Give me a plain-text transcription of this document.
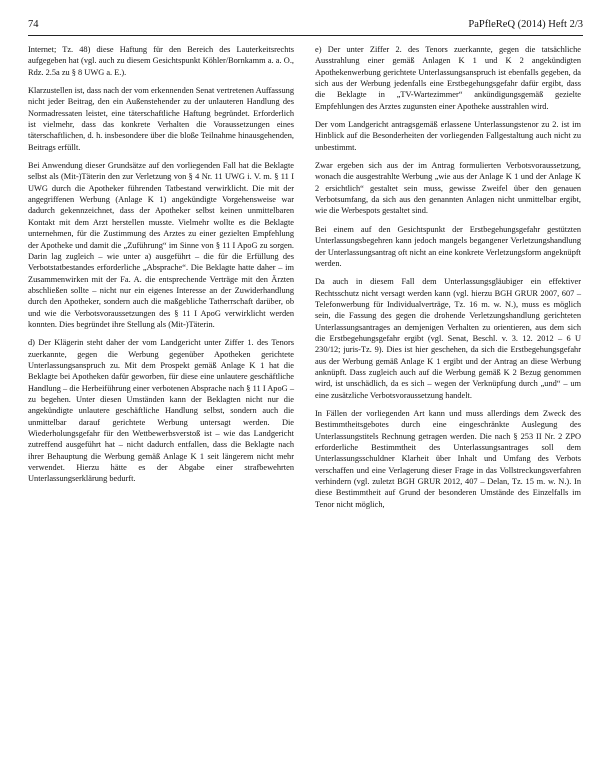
74	PaPfleReQ (2014) Heft 2/3

Internet; Tz. 48) diese Haftung für den Bereich des Lauterkeitsrechts aufgegeben hat (vgl. auch zu diesem Gesichtspunkt Köhler/Bornkamm a. a. O., Rdz. 2.5a zu § 8 UWG a. E.).

Klarzustellen ist, dass nach der vom erkennenden Senat vertretenen Auffassung nicht jeder Beitrag, den ein Außenstehender zu der unlauteren Handlung des Normadressaten leistet, eine täterschaftliche Haftung begründet. Erforderlich ist vielmehr, dass das konkrete Verhalten die Voraussetzungen eines täterschaftlichen, d. h. insbesondere über die bloße Teilnahme hinausgehenden, Beitrags erfüllt.

Bei Anwendung dieser Grundsätze auf den vorliegenden Fall hat die Beklagte selbst als (Mit-)Täterin den zur Verletzung von § 4 Nr. 11 UWG i. V. m. § 11 I UWG durch die Apotheker führenden Tatbestand verwirklicht. Die mit der angegriffenen Werbung (Anlage K 1) angekündigte Vorgehensweise war dadurch gekennzeichnet, dass der Apotheker selbst keinen unmittelbaren Kontakt mit dem Arzt herstellen musste. Vielmehr wollte es die Beklagte unternehmen, für die Zustimmung des Arztes zu einer gezielten Empfehlung der Apotheke und damit die „Zuführung“ im Sinne von § 11 I ApoG zu sorgen. Darin lag zugleich – wie unter a) ausgeführt – die für die Erfüllung des Verbotstatbestandes erforderliche „Absprache“. Die Beklagte hatte daher – im Zusammenwirken mit der Fa. A. die entsprechende Verträge mit den Ärzten abschließen sollte – nicht nur ein eigenes Interesse an der Zuwiderhandlung durch den Apotheker, sondern auch die maßgebliche Tatherrschaft darüber, ob und wie die Verbotsvoraussetzungen des § 11 I ApoG verwirklicht werden konnten. Dies begründet ihre Stellung als (Mit-)Täterin.

d) Der Klägerin steht daher der vom Landgericht unter Ziffer 1. des Tenors zuerkannte, gegen die Werbung gegenüber Apotheken gerichtete Unterlassungsanspruch zu. Mit dem Prospekt gemäß Anlage K 1 hat die Beklagte bei Apotheken dafür geworben, für diese eine unlautere geschäftliche Handlung – die Herbeiführung einer verbotenen Absprache nach § 11 I ApoG – zu begehen. Unter diesen Umständen kann der Beklagten nicht nur die angekündigte unlautere geschäftliche Handlung selbst, sondern auch die unmittelbar darauf gerichtete Werbung untersagt werden. Die Wiederholungsgefahr für den Wettbewerbsverstoß ist – wie das Landgericht zutreffend ausgeführt hat – nicht dadurch entfallen, dass die Beklagte nach ihrer Behauptung die Werbung gemäß Anlage K 1 seit längerem nicht mehr verwendet. Hierzu hätte es der Abgabe einer strafbewehrten Unterlassungserklärung bedurft.

e) Der unter Ziffer 2. des Tenors zuerkannte, gegen die tatsächliche Ausstrahlung einer gemäß Anlagen K 1 und K 2 angekündigten Apothekenwerbung gerichtete Unterlassungsanspruch ist ebenfalls gegeben, da sich aus der Werbung jedenfalls eine Erstbegehungsgefahr dafür ergibt, dass die Beklagte in „TV-Wartezimmer“ ankündigungsgemäß gezielte Empfehlungen des Arztes zugunsten einer Apotheke ausstrahlen wird.

Der vom Landgericht antragsgemäß erlassene Unterlassungstenor zu 2. ist im Hinblick auf die Besonderheiten der vorliegenden Fallgestaltung auch nicht zu unbestimmt.

Zwar ergeben sich aus der im Antrag formulierten Verbotsvoraussetzung, wonach die ausgestrahlte Werbung „wie aus der Anlage K 1 und der Anlage K 2 ersichtlich“ gestaltet sein muss, gewisse Zweifel über den genauen Verbotsumfang, da sich aus den genannten Anlagen nicht unmittelbar ergibt, wie die Werbespots gestaltet sind.

Bei einem auf den Gesichtspunkt der Erstbegehungsgefahr gestützten Unterlassungsbegehren kann jedoch mangels begangener Verletzungshandlung der Unterlassungsantrag oft nicht an eine konkrete Verletzungsform angeknüpft werden.

Da auch in diesem Fall dem Unterlassungsgläubiger ein effektiver Rechtsschutz nicht versagt werden kann (vgl. hierzu BGH GRUR 2007, 607 – Telefonwerbung für Individualverträge, Tz. 16 m. w. N.), muss es möglich sein, die Fassung des gegen die drohende Verletzungshandlung gerichteten Unterlassungsantrages an demjenigen Verhalten zu orientieren, aus dem sich die Erstbegehungsgefahr ergibt (vgl. Senat, Beschl. v. 3. 12. 2012 – 6 U 230/12; juris-Tz. 9). Dies ist hier geschehen, da sich die Erstbegehungsgefahr aus der Werbung gemäß Anlage K 1 ergibt und der Antrag an diese Werbung anknüpft. Dass zugleich auch auf die Werbung gemäß K 2 Bezug genommen wird, ist unschädlich, da es sich – wegen der Verknüpfung durch „und“ – um eine zusätzliche Verbotsvoraussetzung handelt.

In Fällen der vorliegenden Art kann und muss allerdings dem Zweck des Bestimmtheitsgebotes durch eine eingeschränkte Auslegung des Unterlassungstitels Rechnung getragen werden. Die nach § 253 II Nr. 2 ZPO erforderliche Bestimmtheit des Unterlassungsantrages soll dem Unterlassungsschuldner Klarheit über Inhalt und Umfang des Verbots verschaffen und eine Verlagerung dieser Frage in das Vollstreckungsverfahren verhindern (vgl. zuletzt BGH GRUR 2012, 407 – Delan, Tz. 15 m. w. N.). In diese Bestimmtheit auf Grund der besonderen Umstände des Einzelfalls im Tenor nicht möglich,
